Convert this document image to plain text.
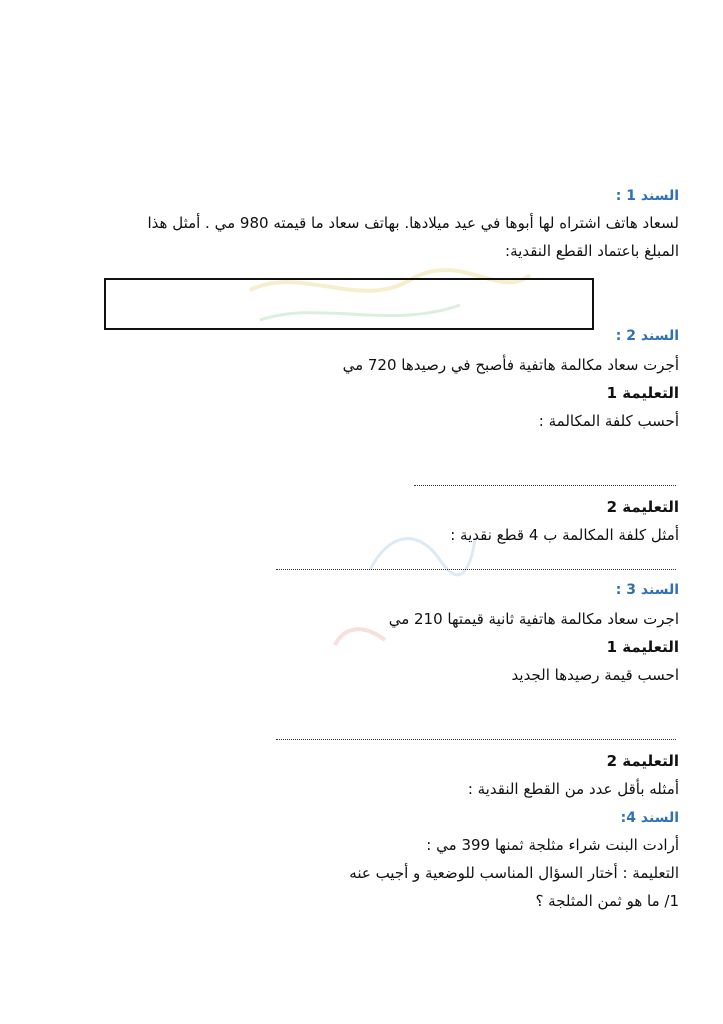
السند 1 :
لسعاد هاتف اشتراه لها أبوها في عيد ميلادها. بهاتف سعاد ما قيمته 980 مي . أمثل هذا
المبلغ باعتماد القطع النقدية:
السند 2 :
أجرت سعاد مكالمة هاتفية فأصبح في رصيدها 720 مي
التعليمة 1
أحسب كلفة المكالمة :
التعليمة 2
أمثل كلفة المكالمة ب 4 قطع نقدية :
السند 3 :
اجرت سعاد مكالمة هاتفية ثانية قيمتها 210 مي
التعليمة 1
احسب قيمة رصيدها الجديد
التعليمة 2
أمثله بأقل عدد من القطع النقدية :
السند 4:
أرادت البنت شراء مثلجة ثمنها 399 مي :
التعليمة : أختار السؤال المناسب للوضعية و أجيب عنه
1/ ما هو ثمن المثلجة ؟
